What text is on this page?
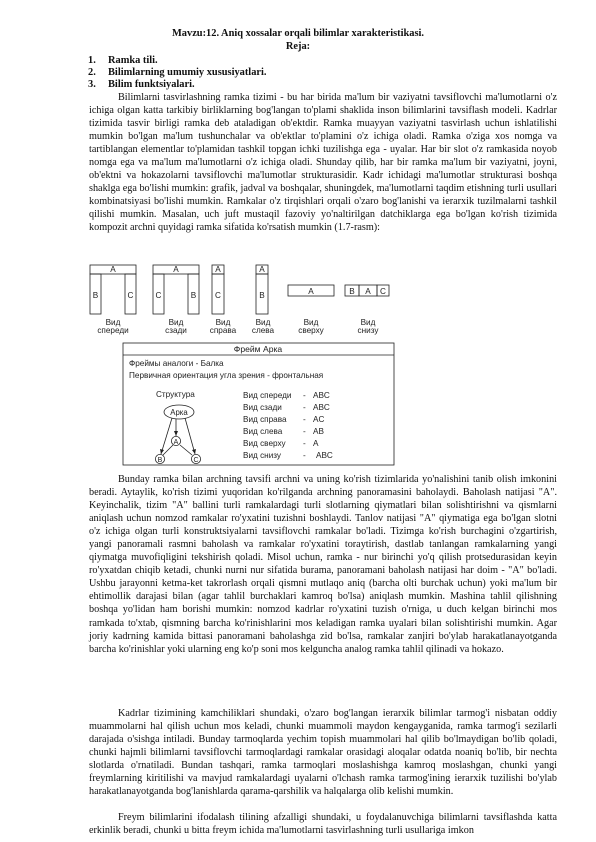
Mavzu:12. Aniq xossalar orqali bilimlar xarakteristikasi.
Reja:
1. Ramka tili.
2. Bilimlarning umumiy xususiyatlari.
3. Bilim funktsiyalari.

Bilimlarni tasvirlashning ramka tizimi - bu har birida ma'lum bir vaziyatni tavsiflovchi ma'lumotlarni o'z ichiga olgan katta tarkibiy birliklarning bog'langan to'plami shaklida inson bilimlarini tavsiflash modeli. Kadrlar tizimida tasvir birligi ramka deb ataladigan ob'ektdir. Ramka muayyan vaziyatni tasvirlash uchun ishlatilishi mumkin bo'lgan ma'lum tushunchalar va ob'ektlar to'plamini o'z ichiga oladi. Ramka o'ziga xos nomga va tartiblangan elementlar to'plamidan tashkil topgan ichki tuzilishga ega - uyalar. Har bir slot o'z ramkasida noyob nomga ega va ma'lum ma'lumotlarni o'z ichiga oladi. Shunday qilib, har bir ramka ma'lum bir vaziyatni, joyni, ob'ektni va hokazolarni tavsiflovchi ma'lumotlar strukturasidir. Kadr ichidagi ma'lumotlar strukturasi boshqa shaklga ega bo'lishi mumkin: grafik, jadval va boshqalar, shuningdek, ma'lumotlarni taqdim etishning turli usullari kombinatsiyasi bo'lishi mumkin. Ramkalar o'z tirqishlari orqali o'zaro bog'lanishi va ierarxik tuzilmalarni tashkil qilishi mumkin. Masalan, uch juft mustaqil fazoviy yo'naltirilgan datchiklarga ega bo'lgan ko'rish tizimida kompozit archni quyidagi ramka sifatida ko'rsatish mumkin (1.7-rasm):

A
B	C
A
C	B
A
C
A
B	A	B A C
Вид
спереди
Вид
сзади
Вид
справа
Вид
слева
Вид
сверху
Вид
снизу
Фрейм Арка
Арка
A
B	C
Фреймы аналоги - Балка
Первичная ориентация угла зрения - фронтальная
Структура	Вид спереди - ABC
Вид сзади	- ABC
Вид справа - AC
Вид слева	- AB
Вид сверху - A
Вид снизу	- ABC

Bunday ramka bilan archning tavsifi archni va uning ko'rish tizimlarida yo'nalishini tanib olish imkonini beradi. Aytaylik, ko'rish tizimi yuqoridan ko'rilganda archning panoramasini baholaydi. Baholash natijasi "A". Keyinchalik, tizim "A" ballini turli ramkalardagi turli slotlarning qiymatlari bilan solishtirishni va qismlarni aniqlash uchun nomzod ramkalar ro'yxatini tuzishni boshlaydi. Tanlov natijasi "A" qiymatiga ega bo'lgan slotni o'z ichiga olgan turli konstruktsiyalarni tavsiflovchi ramkalar bo'ladi. Tizimga ko'rish burchagini o'zgartirish, yangi panoramali rasmni baholash va ramkalar ro'yxatini toraytirish, dastlab tanlangan ramkalarning yangi qiymatga muvofiqligini tekshirish qoladi. Misol uchun, ramka - nur birinchi yo'q qilish protsedurasidan keyin ro'yxatdan chiqib ketadi, chunki nurni nur sifatida burama, panoramani baholash natijasi har doim - "A" bo'ladi. Ushbu jarayonni ketma-ket takrorlash orqali qismni mutlaqo aniq (barcha olti burchak uchun) yoki ma'lum bir ehtimollik darajasi bilan (agar tahlil burchaklari kamroq bo'lsa) aniqlash mumkin. Mashina tahlil qilishning boshqa yo'lidan ham borishi mumkin: nomzod kadrlar ro'yxatini tuzish o'rniga, u duch kelgan birinchi mos ramkada to'xtab, qismning barcha ko'rinishlarini mos keladigan ramka uyalari bilan solishtirishi mumkin. Agar joriy kadrning kamida bittasi panoramani baholashga zid bo'lsa, ramkalar zanjiri bo'ylab harakatlanayotganda barcha ko'rinishlar yoki ularning eng ko'p soni mos kelguncha analog ramka tahlil qilinadi va hokazo.

Kadrlar tizimining kamchiliklari shundaki, o'zaro bog'langan ierarxik bilimlar tarmog'i nisbatan oddiy muammolarni hal qilish uchun mos keladi, chunki muammoli maydon kengayganida, ramka tarmog'i sezilarli darajada o'sishga intiladi. Bunday tarmoqlarda yechim topish muammolari hal qilib bo'lmaydigan bo'lib qoladi, chunki hajmli bilimlarni tavsiflovchi tarmoqlardagi ramkalar orasidagi aloqalar odatda noaniq bo'lib, bir nechta slotlarda o'rnatiladi. Bundan tashqari, ramka tarmoqlari moslashishga kamroq moslashgan, chunki yangi freymlarning kiritilishi va mavjud ramkalardagi uyalarni o'lchash ramka tarmog'ining ierarxik tuzilishi bo'ylab harakatlanayotganda bog'lanishlarda qarama-qarshilik va halqalarga olib kelishi mumkin.

Freym bilimlarini ifodalash tilining afzalligi shundaki, u foydalanuvchiga bilimlarni tavsiflashda katta erkinlik beradi, chunki u bitta freym ichida ma'lumotlarni tasvirlashning turli usullariga imkon
